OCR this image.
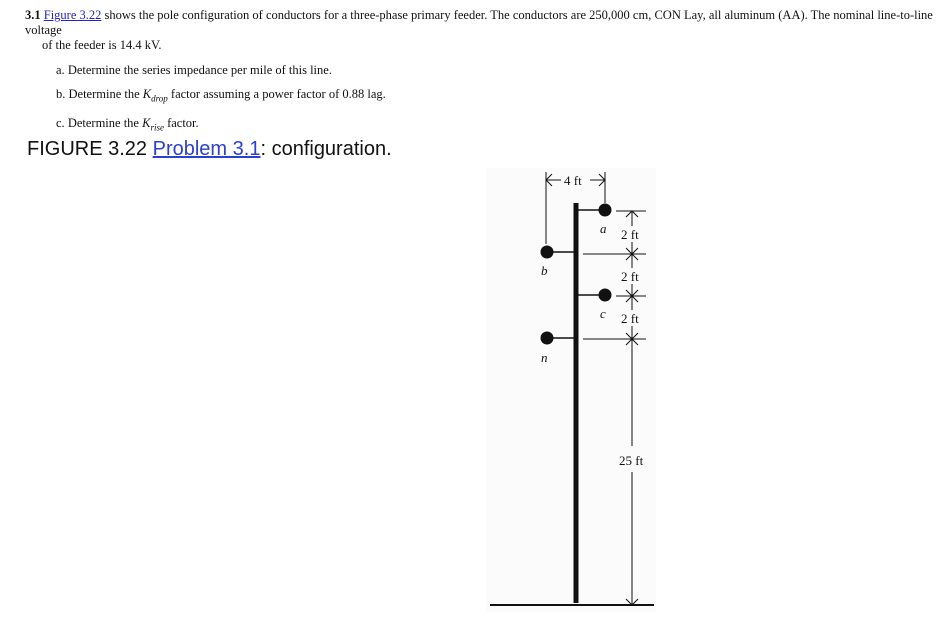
3.1 Figure 3.22 shows the pole configuration of conductors for a three-phase primary feeder. The conductors are 250,000 cm, CON Lay, all aluminum (AA). The nominal line-to-line voltage
of the feeder is 14.4 kV.
a. Determine the series impedance per mile of this line.
b. Determine the $K_{drop}$ factor assuming a power factor of 0.88 lag.
c. Determine the $K_{rise}$ factor.
FIGURE 3.22 Problem 3.1: configuration.
a
b
c
n
4 ft
2 ft
2 ft
2 ft
25 ft
